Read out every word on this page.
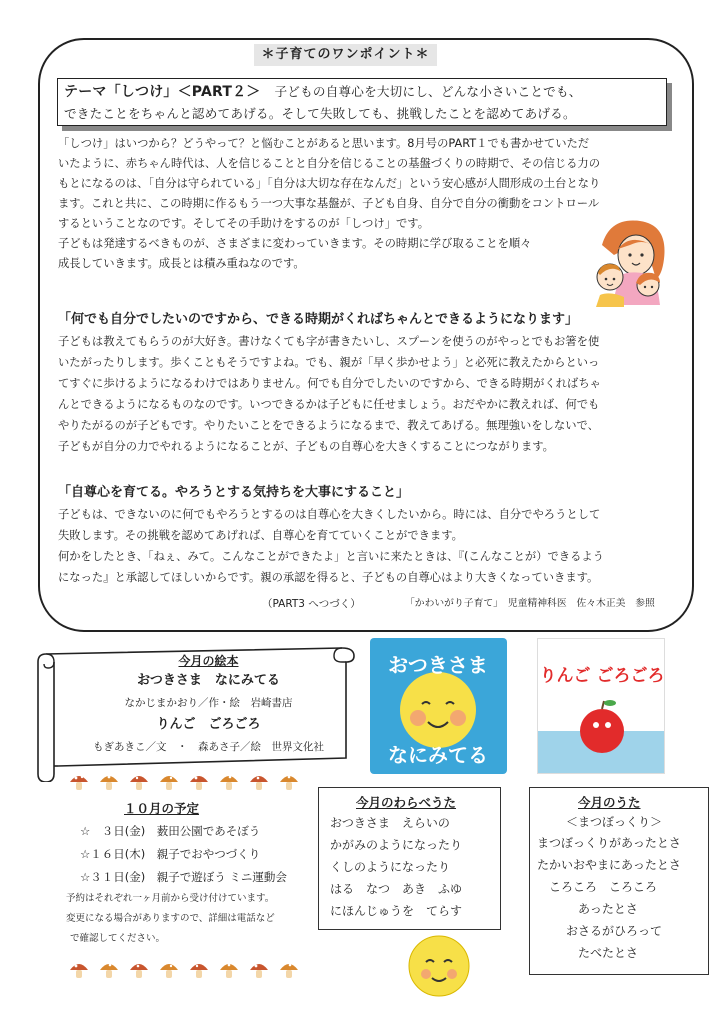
＊子育てのワンポイント＊
テーマ「しつけ」＜PART２＞ 子どもの自尊心を大切にし、どんな小さいことでも、
できたことをちゃんと認めてあげる。そして失敗しても、挑戦したことを認めてあげる。
「しつけ」はいつから？どうやって？と悩むことがあると思います。8月号のPART１でも書かせていただ
いたように、赤ちゃん時代は、人を信じることと自分を信じることの基盤づくりの時期で、その信じる力の
もとになるのは、「自分は守られている」「自分は大切な存在なんだ」という安心感が人間形成の土台となり
ます。これと共に、この時期に作るもう一つ大事な基盤が、子ども自身、自分で自分の衝動をコントロール
するということなのです。そしてその手助けをするのが「しつけ」です。
子どもは発達するべきものが、さまざまに変わっていきます。その時期に学び取ることを順々
成長していきます。成長とは積み重ねなのです。
「何でも自分でしたいのですから、できる時期がくればちゃんとできるようになります」
子どもは教えてもらうのが大好き。書けなくても字が書きたいし、スプーンを使うのがやっとでもお箸を使
いたがったりします。歩くこともそうですよね。でも、親が「早く歩かせよう」と必死に教えたからといっ
てすぐに歩けるようになるわけではありません。何でも自分でしたいのですから、できる時期がくればちゃ
んとできるようになるものなのです。いつできるかは子どもに任せましょう。おだやかに教えれば、何でも
やりたがるのが子どもです。やりたいことをできるようになるまで、教えてあげる。無理強いをしないで、
子どもが自分の力でやれるようになることが、子どもの自尊心を大きくすることにつながります。
「自尊心を育てる。やろうとする気持ちを大事にすること」
子どもは、できないのに何でもやろうとするのは自尊心を大きくしたいから。時には、自分でやろうとして
失敗します。その挑戦を認めてあげれば、自尊心を育てていくことができます。
何かをしたとき、「ねぇ、みて。こんなことができたよ」と言いに来たときは、『(こんなことが）できるよう
になった』と承認してほしいからです。親の承認を得ると、子どもの自尊心はより大きくなっていきます。
（PART3 へつづく）	「かわいがり子育て」　児童精神科医　佐々木正美　参照
今月の絵本
おつきさま　なにみてる
なかじまかおり／作・絵　岩崎書店
りんご　ごろごろ
もぎあきこ／文　・　森あさ子／絵　世界文化社
おつきさま
なにみてる
りんご ごろごろ
１０月の予定
☆　３日(金)　薮田公園であそぼう
☆１６日(木)　親子でおやつづくり
☆３１日(金)　親子で遊ぼう ミニ運動会
予約はそれぞれ一ヶ月前から受け付けています。
変更になる場合がありますので、詳細は電話など
で確認してください。
今月のわらべうた
おつきさま　えらいの
かがみのようになったり
くしのようになったり
はる　なつ　あき　ふゆ
にほんじゅうを　てらす
今月のうた
＜まつぼっくり＞
まつぼっくりがあったとさ
たかいおやまにあったとさ
ころころ　ころころ
あったとさ
おさるがひろって
たべたとさ
